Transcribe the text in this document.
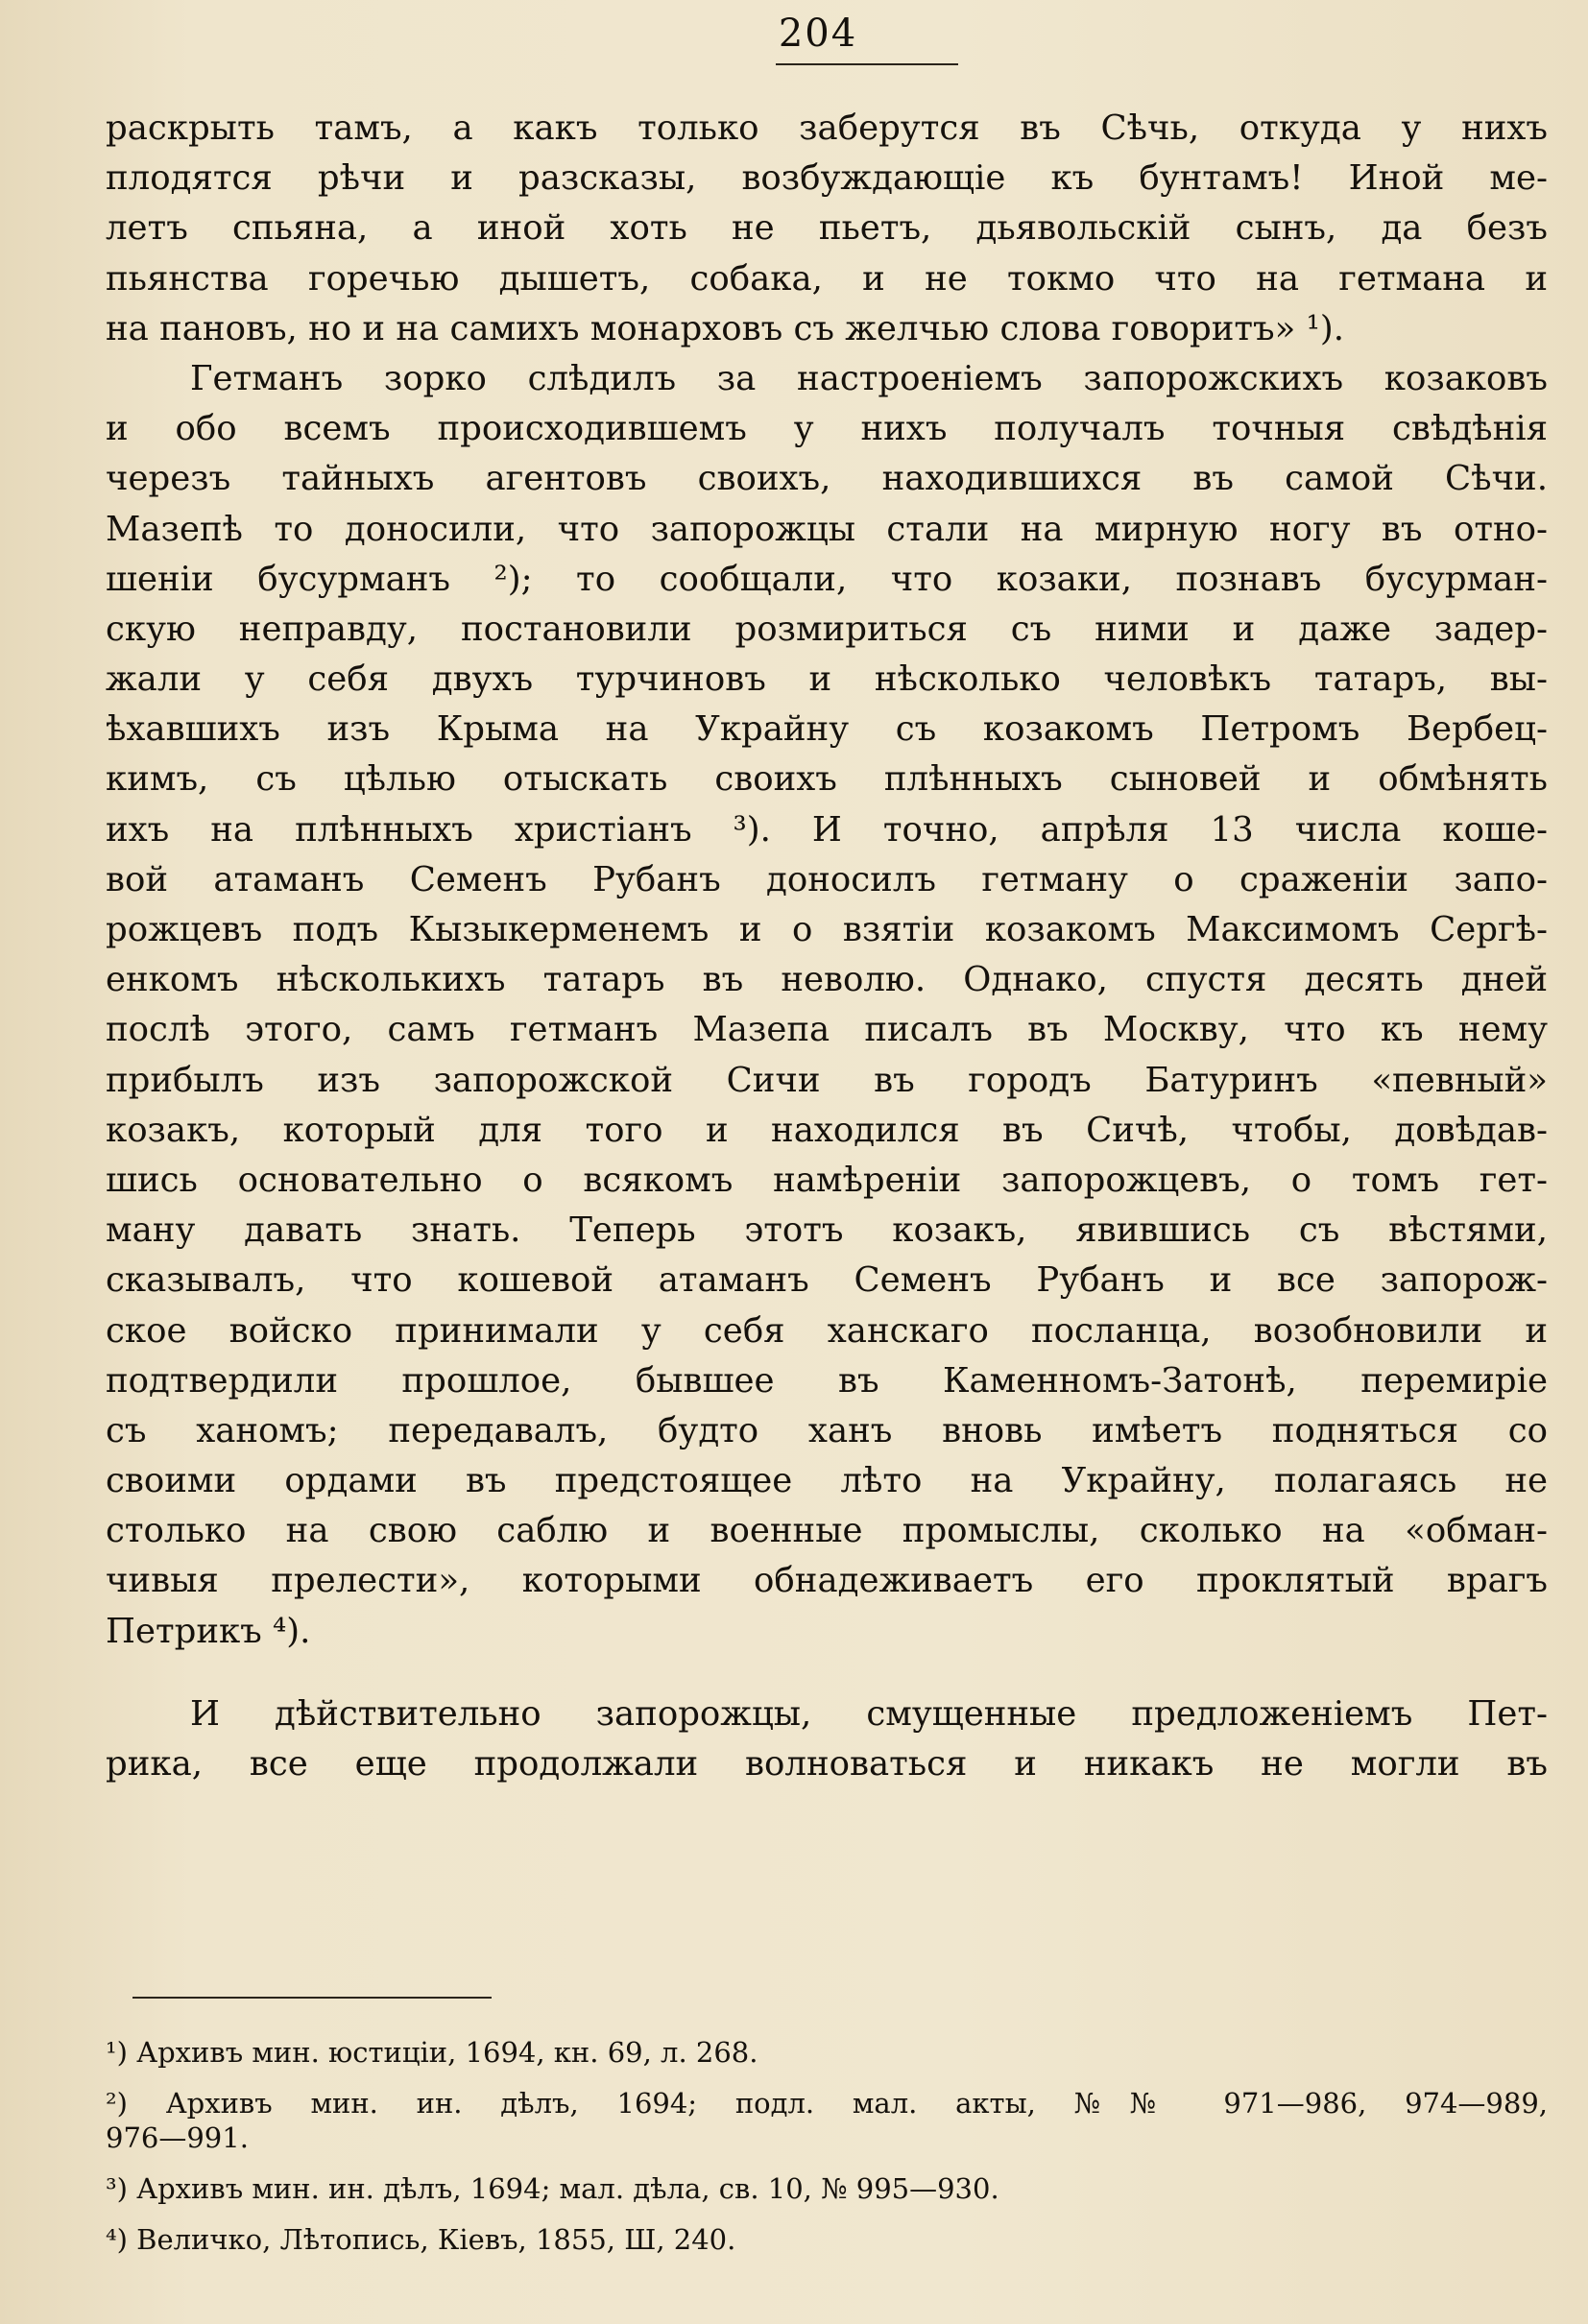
204
раскрыть тамъ, а какъ только заберутся въ Сѣчь, откуда у нихъ
плодятся рѣчи и разсказы, возбуждающіе къ бунтамъ! Иной ме-
летъ спьяна, а иной хоть не пьетъ, дьявольскій сынъ, да безъ
пьянства горечью дышетъ, собака, и не токмо что на гетмана и
на пановъ, но и на самихъ монарховъ съ желчью слова говоритъ» ¹).
Гетманъ зорко слѣдилъ за настроеніемъ запорожскихъ козаковъ
и обо всемъ происходившемъ у нихъ получалъ точныя свѣдѣнія
черезъ тайныхъ агентовъ своихъ, находившихся въ самой Сѣчи.
Мазепѣ то доносили, что запорожцы стали на мирную ногу въ отно-
шеніи бусурманъ ²); то сообщали, что козаки, познавъ бусурман-
скую неправду, постановили розмириться съ ними и даже задер-
жали у себя двухъ турчиновъ и нѣсколько человѣкъ татаръ, вы-
ѣхавшихъ изъ Крыма на Украйну съ козакомъ Петромъ Вербец-
кимъ, съ цѣлью отыскать своихъ плѣнныхъ сыновей и обмѣнять
ихъ на плѣнныхъ христіанъ ³). И точно, апрѣля 13 числа коше-
вой атаманъ Семенъ Рубанъ доносилъ гетману о сраженіи запо-
рожцевъ подъ Кызыкерменемъ и о взятіи козакомъ Максимомъ Сергѣ-
енкомъ нѣсколькихъ татаръ въ неволю. Однако, спустя десять дней
послѣ этого, самъ гетманъ Мазепа писалъ въ Москву, что къ нему
прибылъ изъ запорожской Сичи въ городъ Батуринъ «певный»
козакъ, который для того и находился въ Сичѣ, чтобы, довѣдав-
шись основательно о всякомъ намѣреніи запорожцевъ, о томъ гет-
ману давать знать. Теперь этотъ козакъ, явившись съ вѣстями,
сказывалъ, что кошевой атаманъ Семенъ Рубанъ и все запорож-
ское войско принимали у себя ханскаго посланца, возобновили и
подтвердили прошлое, бывшее въ Каменномъ-Затонѣ, перемиріе
съ ханомъ; передавалъ, будто ханъ вновь имѣетъ подняться со
своими ордами въ предстоящее лѣто на Украйну, полагаясь не
столько на свою саблю и военные промыслы, сколько на «обман-
чивыя прелести», которыми обнадеживаетъ его проклятый врагъ
Петрикъ ⁴).
И дѣйствительно запорожцы, смущенные предложеніемъ Пет-
рика, все еще продолжали волноваться и никакъ не могли въ
¹) Архивъ мин. юстиціи, 1694, кн. 69, л. 268.
²) Архивъ мин. ин. дѣлъ, 1694; подл. мал. акты, №№ 971—986, 974—989,
976—991.
³) Архивъ мин. ин. дѣлъ, 1694; мал. дѣла, св. 10, № 995—930.
⁴) Величко, Лѣтопись, Кіевъ, 1855, Ш, 240.
